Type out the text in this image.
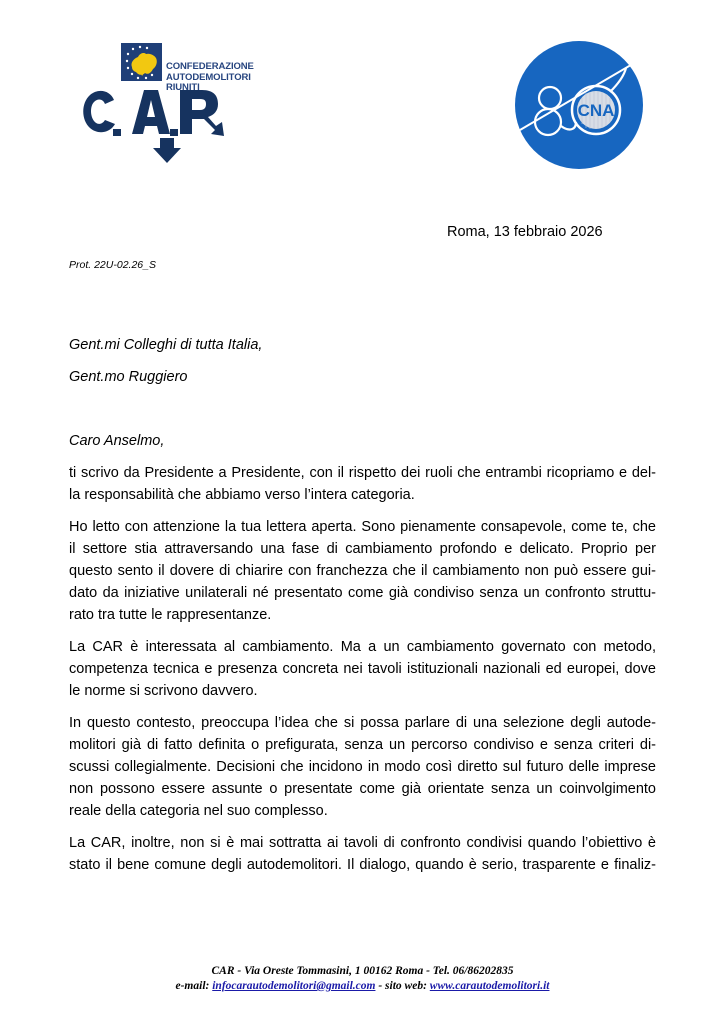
CONFEDERAZIONE
AUTODEMOLITORI
RIUNITI
CNA
Roma, 13 febbraio 2026
Prot. 22U-02.26_S
Gent.mi Colleghi di tutta Italia,
Gent.mo Ruggiero
Caro Anselmo,

ti scrivo da Presidente a Presidente, con il rispetto dei ruoli che entrambi ricopriamo e del-
la responsabilità che abbiamo verso l’intera categoria.

Ho letto con attenzione la tua lettera aperta. Sono pienamente consapevole, come te, che
il settore stia attraversando una fase di cambiamento profondo e delicato. Proprio per
questo sento il dovere di chiarire con franchezza che il cambiamento non può essere gui-
dato da iniziative unilaterali né presentato come già condiviso senza un confronto struttu-
rato tra tutte le rappresentanze.

La CAR è interessata al cambiamento. Ma a un cambiamento governato con metodo,
competenza tecnica e presenza concreta nei tavoli istituzionali nazionali ed europei, dove
le norme si scrivono davvero.

In questo contesto, preoccupa l’idea che si possa parlare di una selezione degli autode-
molitori già di fatto definita o prefigurata, senza un percorso condiviso e senza criteri di-
scussi collegialmente. Decisioni che incidono in modo così diretto sul futuro delle imprese
non possono essere assunte o presentate come già orientate senza un coinvolgimento
reale della categoria nel suo complesso.

La CAR, inoltre, non si è mai sottratta ai tavoli di confronto condivisi quando l’obiettivo è
stato il bene comune degli autodemolitori. Il dialogo, quando è serio, trasparente e finaliz-

CAR - Via Oreste Tommasini, 1 00162 Roma - Tel. 06/86202835
e-mail: infocarautodemolitori@gmail.com - sito web: www.carautodemolitori.it
